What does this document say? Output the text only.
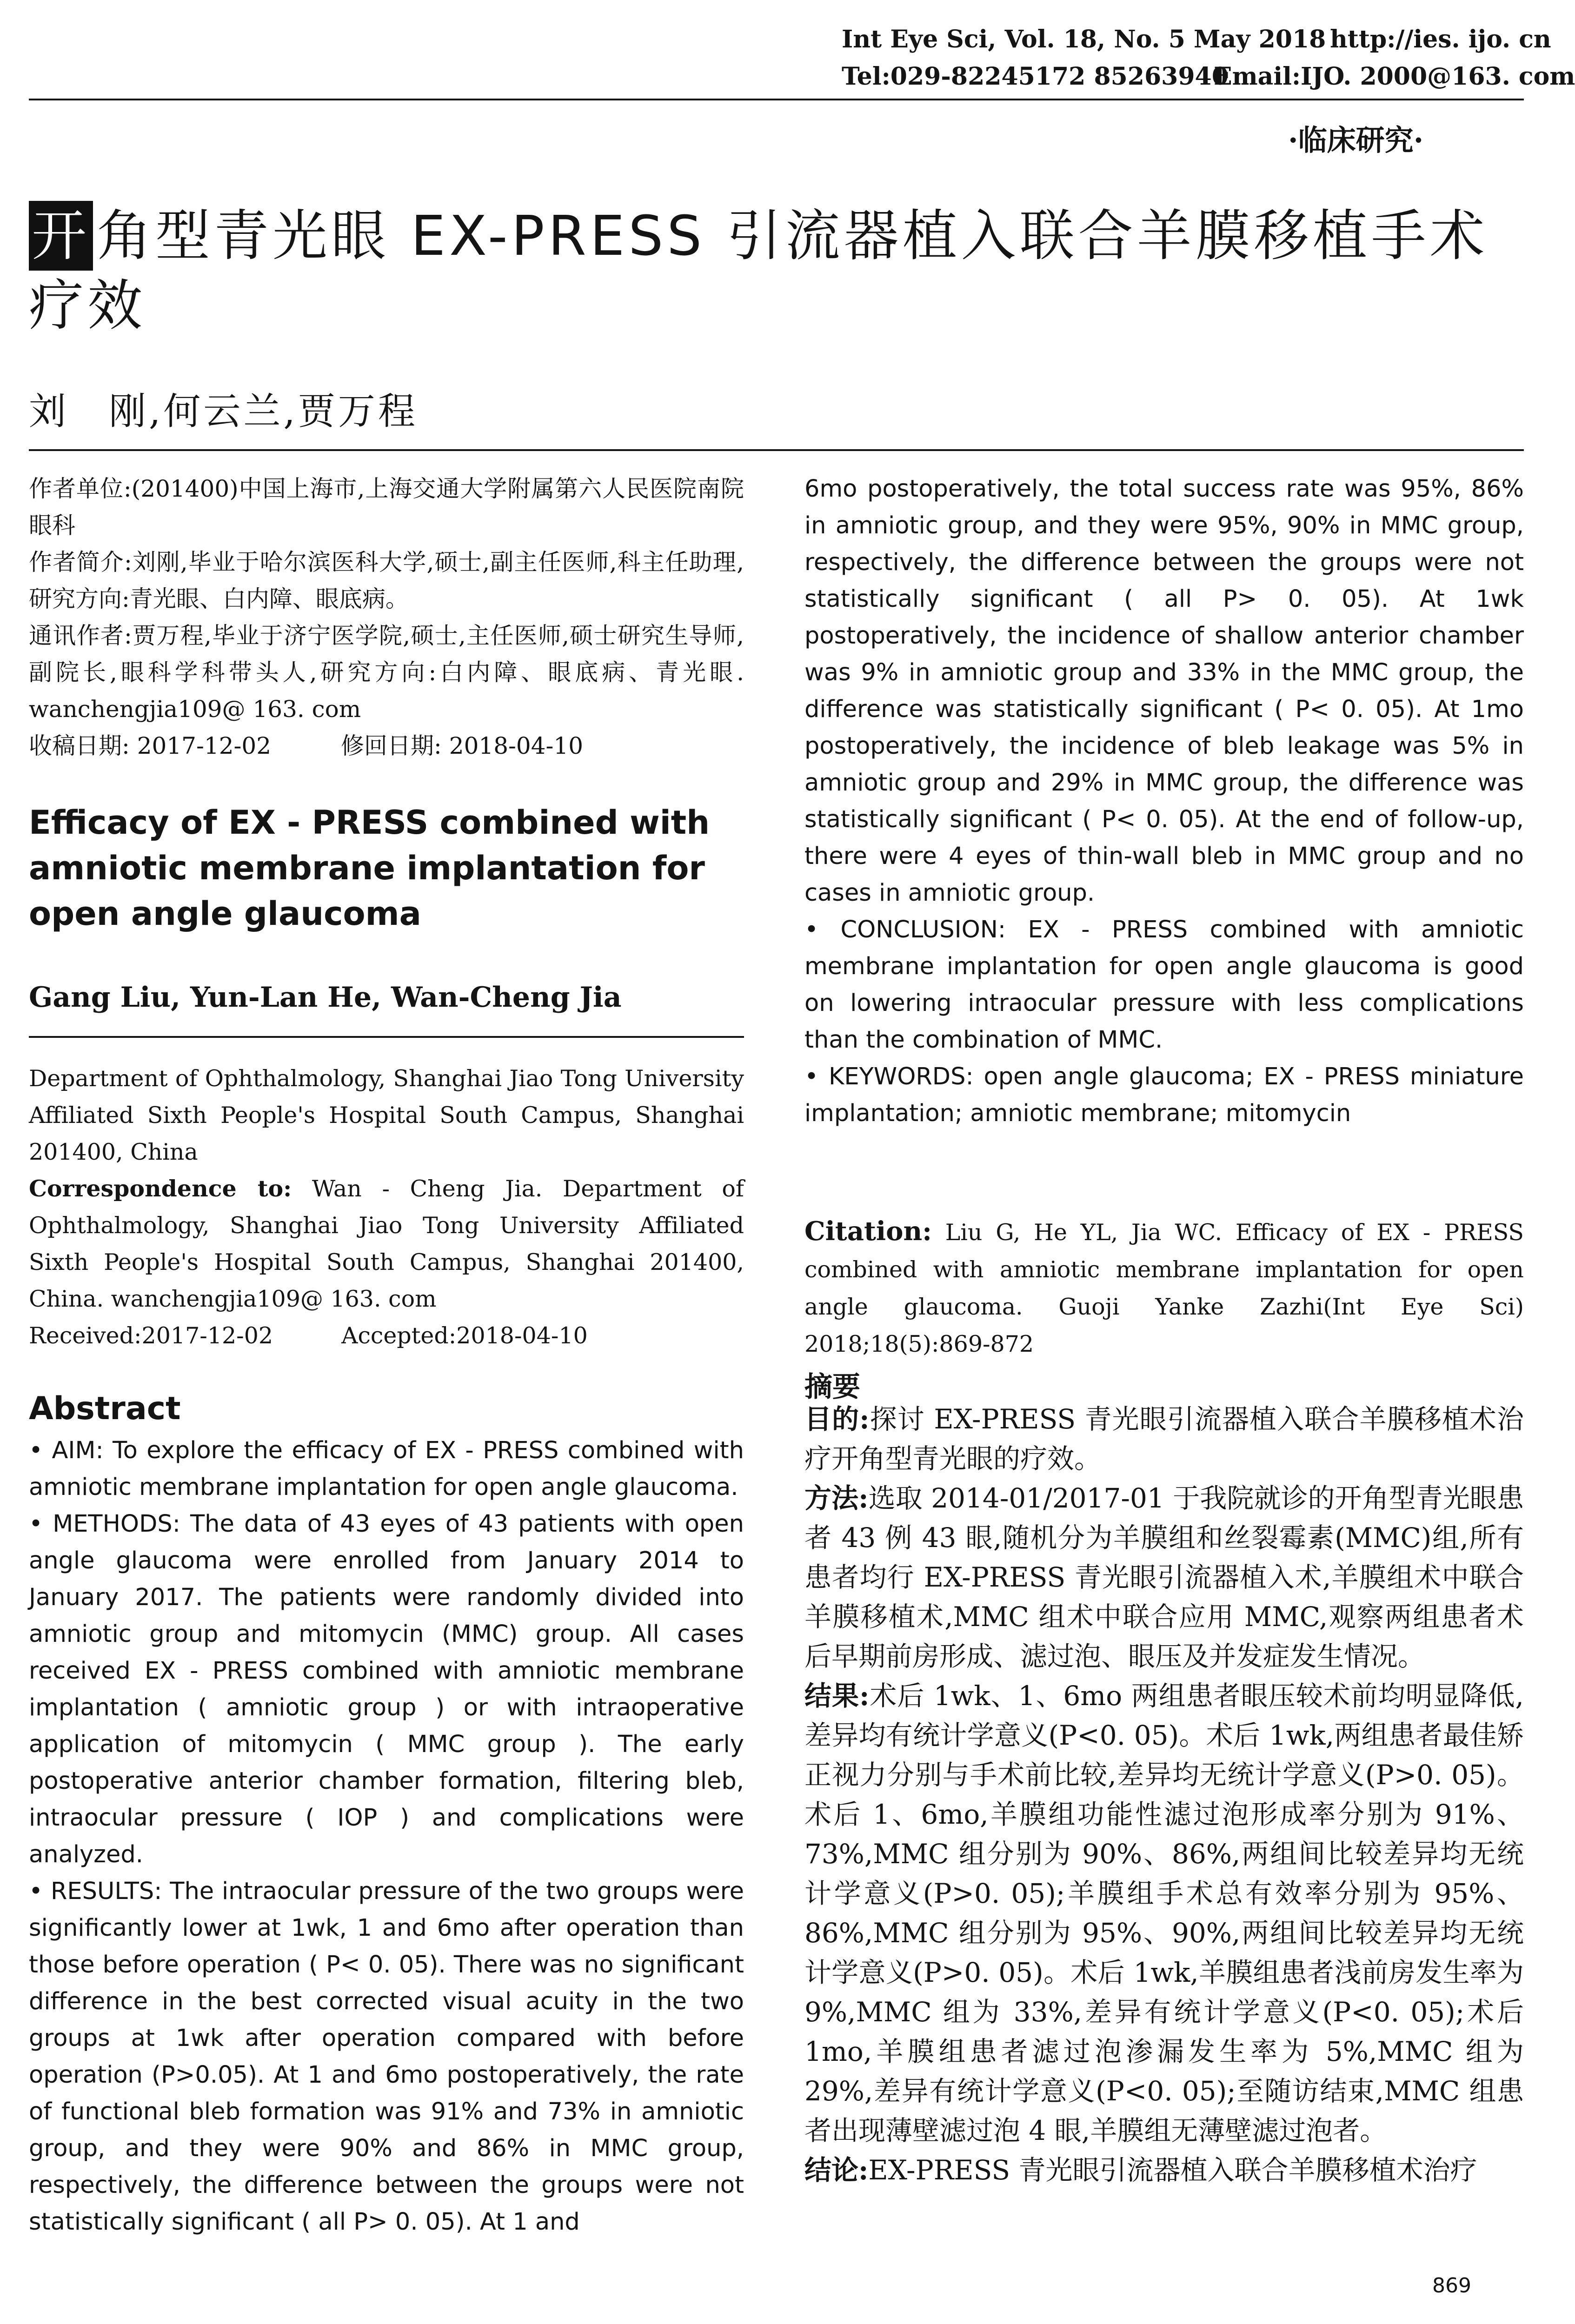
Int Eye Sci, Vol. 18, No. 5 May 2018 http://ies. ijo. cn
Tel:029-82245172 85263940
Email:IJO. 2000@163. com
·临床研究·
开 角型青光眼 EX-PRESS 引流器植入联合羊膜移植手术疗效
刘　刚,何云兰,贾万程

作者单位:(201400)中国上海市,上海交通大学附属第六人民医院南院眼科

作者简介:刘刚,毕业于哈尔滨医科大学,硕士,副主任医师,科主任助理,研究方向:青光眼、白内障、眼底病。

通讯作者:贾万程,毕业于济宁医学院,硕士,主任医师,硕士研究生导师,副院长,眼科学科带头人,研究方向:白内障、眼底病、青光眼. wanchengjia109@ 163. com

收稿日期: 2017-12-02　　　修回日期: 2018-04-10

Efficacy of EX - PRESS combined with amniotic membrane implantation for open angle glaucoma
Gang Liu, Yun-Lan He, Wan-Cheng Jia

Department of Ophthalmology, Shanghai Jiao Tong University Affiliated Sixth People's Hospital South Campus, Shanghai 201400, China

Correspondence to: Wan - Cheng Jia. Department of Ophthalmology, Shanghai Jiao Tong University Affiliated Sixth People's Hospital South Campus, Shanghai 201400, China. wanchengjia109@ 163. com

Received:2017-12-02　　　Accepted:2018-04-10

Abstract

• AIM: To explore the efficacy of EX - PRESS combined with amniotic membrane implantation for open angle glaucoma.

• METHODS: The data of 43 eyes of 43 patients with open angle glaucoma were enrolled from January 2014 to January 2017. The patients were randomly divided into amniotic group and mitomycin (MMC) group. All cases received EX - PRESS combined with amniotic membrane implantation ( amniotic group ) or with intraoperative application of mitomycin ( MMC group ). The early postoperative anterior chamber formation, filtering bleb, intraocular pressure ( IOP ) and complications were analyzed.

• RESULTS: The intraocular pressure of the two groups were significantly lower at 1wk, 1 and 6mo after operation than those before operation ( P< 0. 05). There was no significant difference in the best corrected visual acuity in the two groups at 1wk after operation compared with before operation (P>0.05). At 1 and 6mo postoperatively, the rate of functional bleb formation was 91% and 73% in amniotic group, and they were 90% and 86% in MMC group, respectively, the difference between the groups were not statistically significant ( all P> 0. 05). At 1 and

6mo postoperatively, the total success rate was 95%, 86% in amniotic group, and they were 95%, 90% in MMC group, respectively, the difference between the groups were not statistically significant ( all P> 0. 05). At 1wk postoperatively, the incidence of shallow anterior chamber was 9% in amniotic group and 33% in the MMC group, the difference was statistically significant ( P< 0. 05). At 1mo postoperatively, the incidence of bleb leakage was 5% in amniotic group and 29% in MMC group, the difference was statistically significant ( P< 0. 05). At the end of follow-up, there were 4 eyes of thin-wall bleb in MMC group and no cases in amniotic group.

• CONCLUSION: EX - PRESS combined with amniotic membrane implantation for open angle glaucoma is good on lowering intraocular pressure with less complications than the combination of MMC.

• KEYWORDS: open angle glaucoma; EX - PRESS miniature implantation; amniotic membrane; mitomycin

Citation: Liu G, He YL, Jia WC. Efficacy of EX - PRESS combined with amniotic membrane implantation for open angle glaucoma. Guoji Yanke Zazhi(Int Eye Sci) 2018;18(5):869-872
摘要

目的:探讨 EX-PRESS 青光眼引流器植入联合羊膜移植术治疗开角型青光眼的疗效。

方法:选取 2014-01/2017-01 于我院就诊的开角型青光眼患者 43 例 43 眼,随机分为羊膜组和丝裂霉素(MMC)组,所有患者均行 EX-PRESS 青光眼引流器植入术,羊膜组术中联合羊膜移植术,MMC 组术中联合应用 MMC,观察两组患者术后早期前房形成、滤过泡、眼压及并发症发生情况。

结果:术后 1wk、1、6mo 两组患者眼压较术前均明显降低,差异均有统计学意义(P<0. 05)。术后 1wk,两组患者最佳矫正视力分别与手术前比较,差异均无统计学意义(P>0. 05)。术后 1、6mo,羊膜组功能性滤过泡形成率分别为 91%、73%,MMC 组分别为 90%、86%,两组间比较差异均无统计学意义(P>0. 05);羊膜组手术总有效率分别为 95%、86%,MMC 组分别为 95%、90%,两组间比较差异均无统计学意义(P>0. 05)。术后 1wk,羊膜组患者浅前房发生率为 9%,MMC 组为 33%,差异有统计学意义(P<0. 05);术后 1mo,羊膜组患者滤过泡渗漏发生率为 5%,MMC 组为 29%,差异有统计学意义(P<0. 05);至随访结束,MMC 组患者出现薄壁滤过泡 4 眼,羊膜组无薄壁滤过泡者。

结论:EX-PRESS 青光眼引流器植入联合羊膜移植术治疗

869
